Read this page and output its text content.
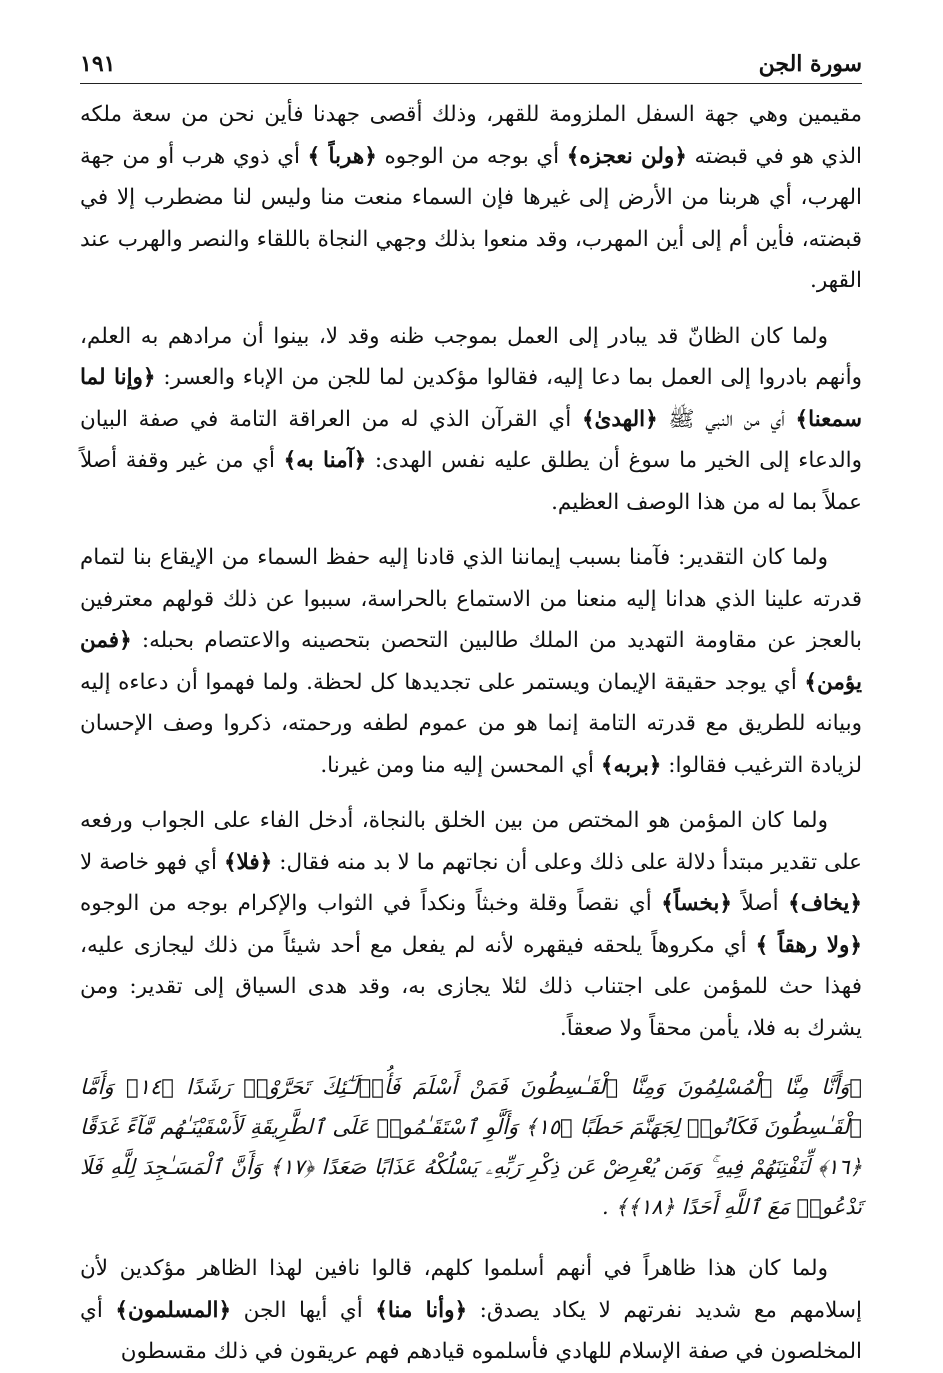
سورة الجن
١٩١

مقيمين وهي جهة السفل الملزومة للقهر، وذلك أقصى جهدنا فأين نحن من سعة ملكه الذي هو في قبضته ﴿ولن نعجزه﴾ أي بوجه من الوجوه ﴿هرباً ﴾ أي ذوي هرب أو من جهة الهرب، أي هربنا من الأرض إلى غيرها فإن السماء منعت منا وليس لنا مضطرب إلا في قبضته، فأين أم إلى أين المهرب، وقد منعوا بذلك وجهي النجاة باللقاء والنصر والهرب عند القهر.

ولما كان الظانّ قد يبادر إلى العمل بموجب ظنه وقد لا، بينوا أن مرادهم به العلم، وأنهم بادروا إلى العمل بما دعا إليه، فقالوا مؤكدين لما للجن من الإباء والعسر: ﴿وإنا لما سمعنا﴾ أي من النبي ﷺ ﴿الهدىٰ﴾ أي القرآن الذي له من العراقة التامة في صفة البيان والدعاء إلى الخير ما سوغ أن يطلق عليه نفس الهدى: ﴿آمنا به﴾ أي من غير وقفة أصلاً عملاً بما له من هذا الوصف العظيم.

ولما كان التقدير: فآمنا بسبب إيماننا الذي قادنا إليه حفظ السماء من الإيقاع بنا لتمام قدرته علينا الذي هدانا إليه منعنا من الاستماع بالحراسة، سببوا عن ذلك قولهم معترفين بالعجز عن مقاومة التهديد من الملك طالبين التحصن بتحصينه والاعتصام بحبله: ﴿فمن يؤمن﴾ أي يوجد حقيقة الإيمان ويستمر على تجديدها كل لحظة. ولما فهموا أن دعاءه إليه وبيانه للطريق مع قدرته التامة إنما هو من عموم لطفه ورحمته، ذكروا وصف الإحسان لزيادة الترغيب فقالوا: ﴿بربه﴾ أي المحسن إليه منا ومن غيرنا.

ولما كان المؤمن هو المختص من بين الخلق بالنجاة، أدخل الفاء على الجواب ورفعه على تقدير مبتدأ دلالة على ذلك وعلى أن نجاتهم ما لا بد منه فقال: ﴿فلا﴾ أي فهو خاصة لا ﴿يخاف﴾ أصلاً ﴿بخساً﴾ أي نقصاً وقلة وخبثاً ونكداً في الثواب والإكرام بوجه من الوجوه ﴿ولا رهقاً ﴾ أي مكروهاً يلحقه فيقهره لأنه لم يفعل مع أحد شيئاً من ذلك ليجازى عليه، فهذا حث للمؤمن على اجتناب ذلك لئلا يجازى به، وقد هدى السياق إلى تقدير: ومن يشرك به فلا، يأمن محقاً ولا صعقاً.

﴿وَأَنَّا مِنَّا ٱلْمُسْلِمُونَ وَمِنَّا ٱلْقَـٰسِطُونَ فَمَنْ أَسْلَمَ فَأُو۟لَـٰٓئِكَ تَحَرَّوْا۟ رَشَدًا ﴿١٤﴾ وَأَمَّا ٱلْقَـٰسِطُونَ فَكَانُوا۟ لِجَهَنَّمَ حَطَبًا ﴿١٥﴾ وَأَلَّوِ ٱسْتَقَـٰمُوا۟ عَلَى ٱلطَّرِيقَةِ لَأَسْقَيْنَـٰهُم مَّآءً غَدَقًا ﴿١٦﴾ لِّنَفْتِنَهُمْ فِيهِ ۚ وَمَن يُعْرِضْ عَن ذِكْرِ رَبِّهِۦ يَسْلُكْهُ عَذَابًا صَعَدًا ﴿١٧﴾ وَأَنَّ ٱلْمَسَـٰجِدَ لِلَّهِ فَلَا تَدْعُوا۟ مَعَ ٱللَّهِ أَحَدًا ﴿١٨﴾﴾ .

ولما كان هذا ظاهراً في أنهم أسلموا كلهم، قالوا نافين لهذا الظاهر مؤكدين لأن إسلامهم مع شديد نفرتهم لا يكاد يصدق: ﴿وأنا منا﴾ أي أيها الجن ﴿المسلمون﴾ أي المخلصون في صفة الإسلام للهادي فأسلموه قيادهم فهم عريقون في ذلك مقسطون
